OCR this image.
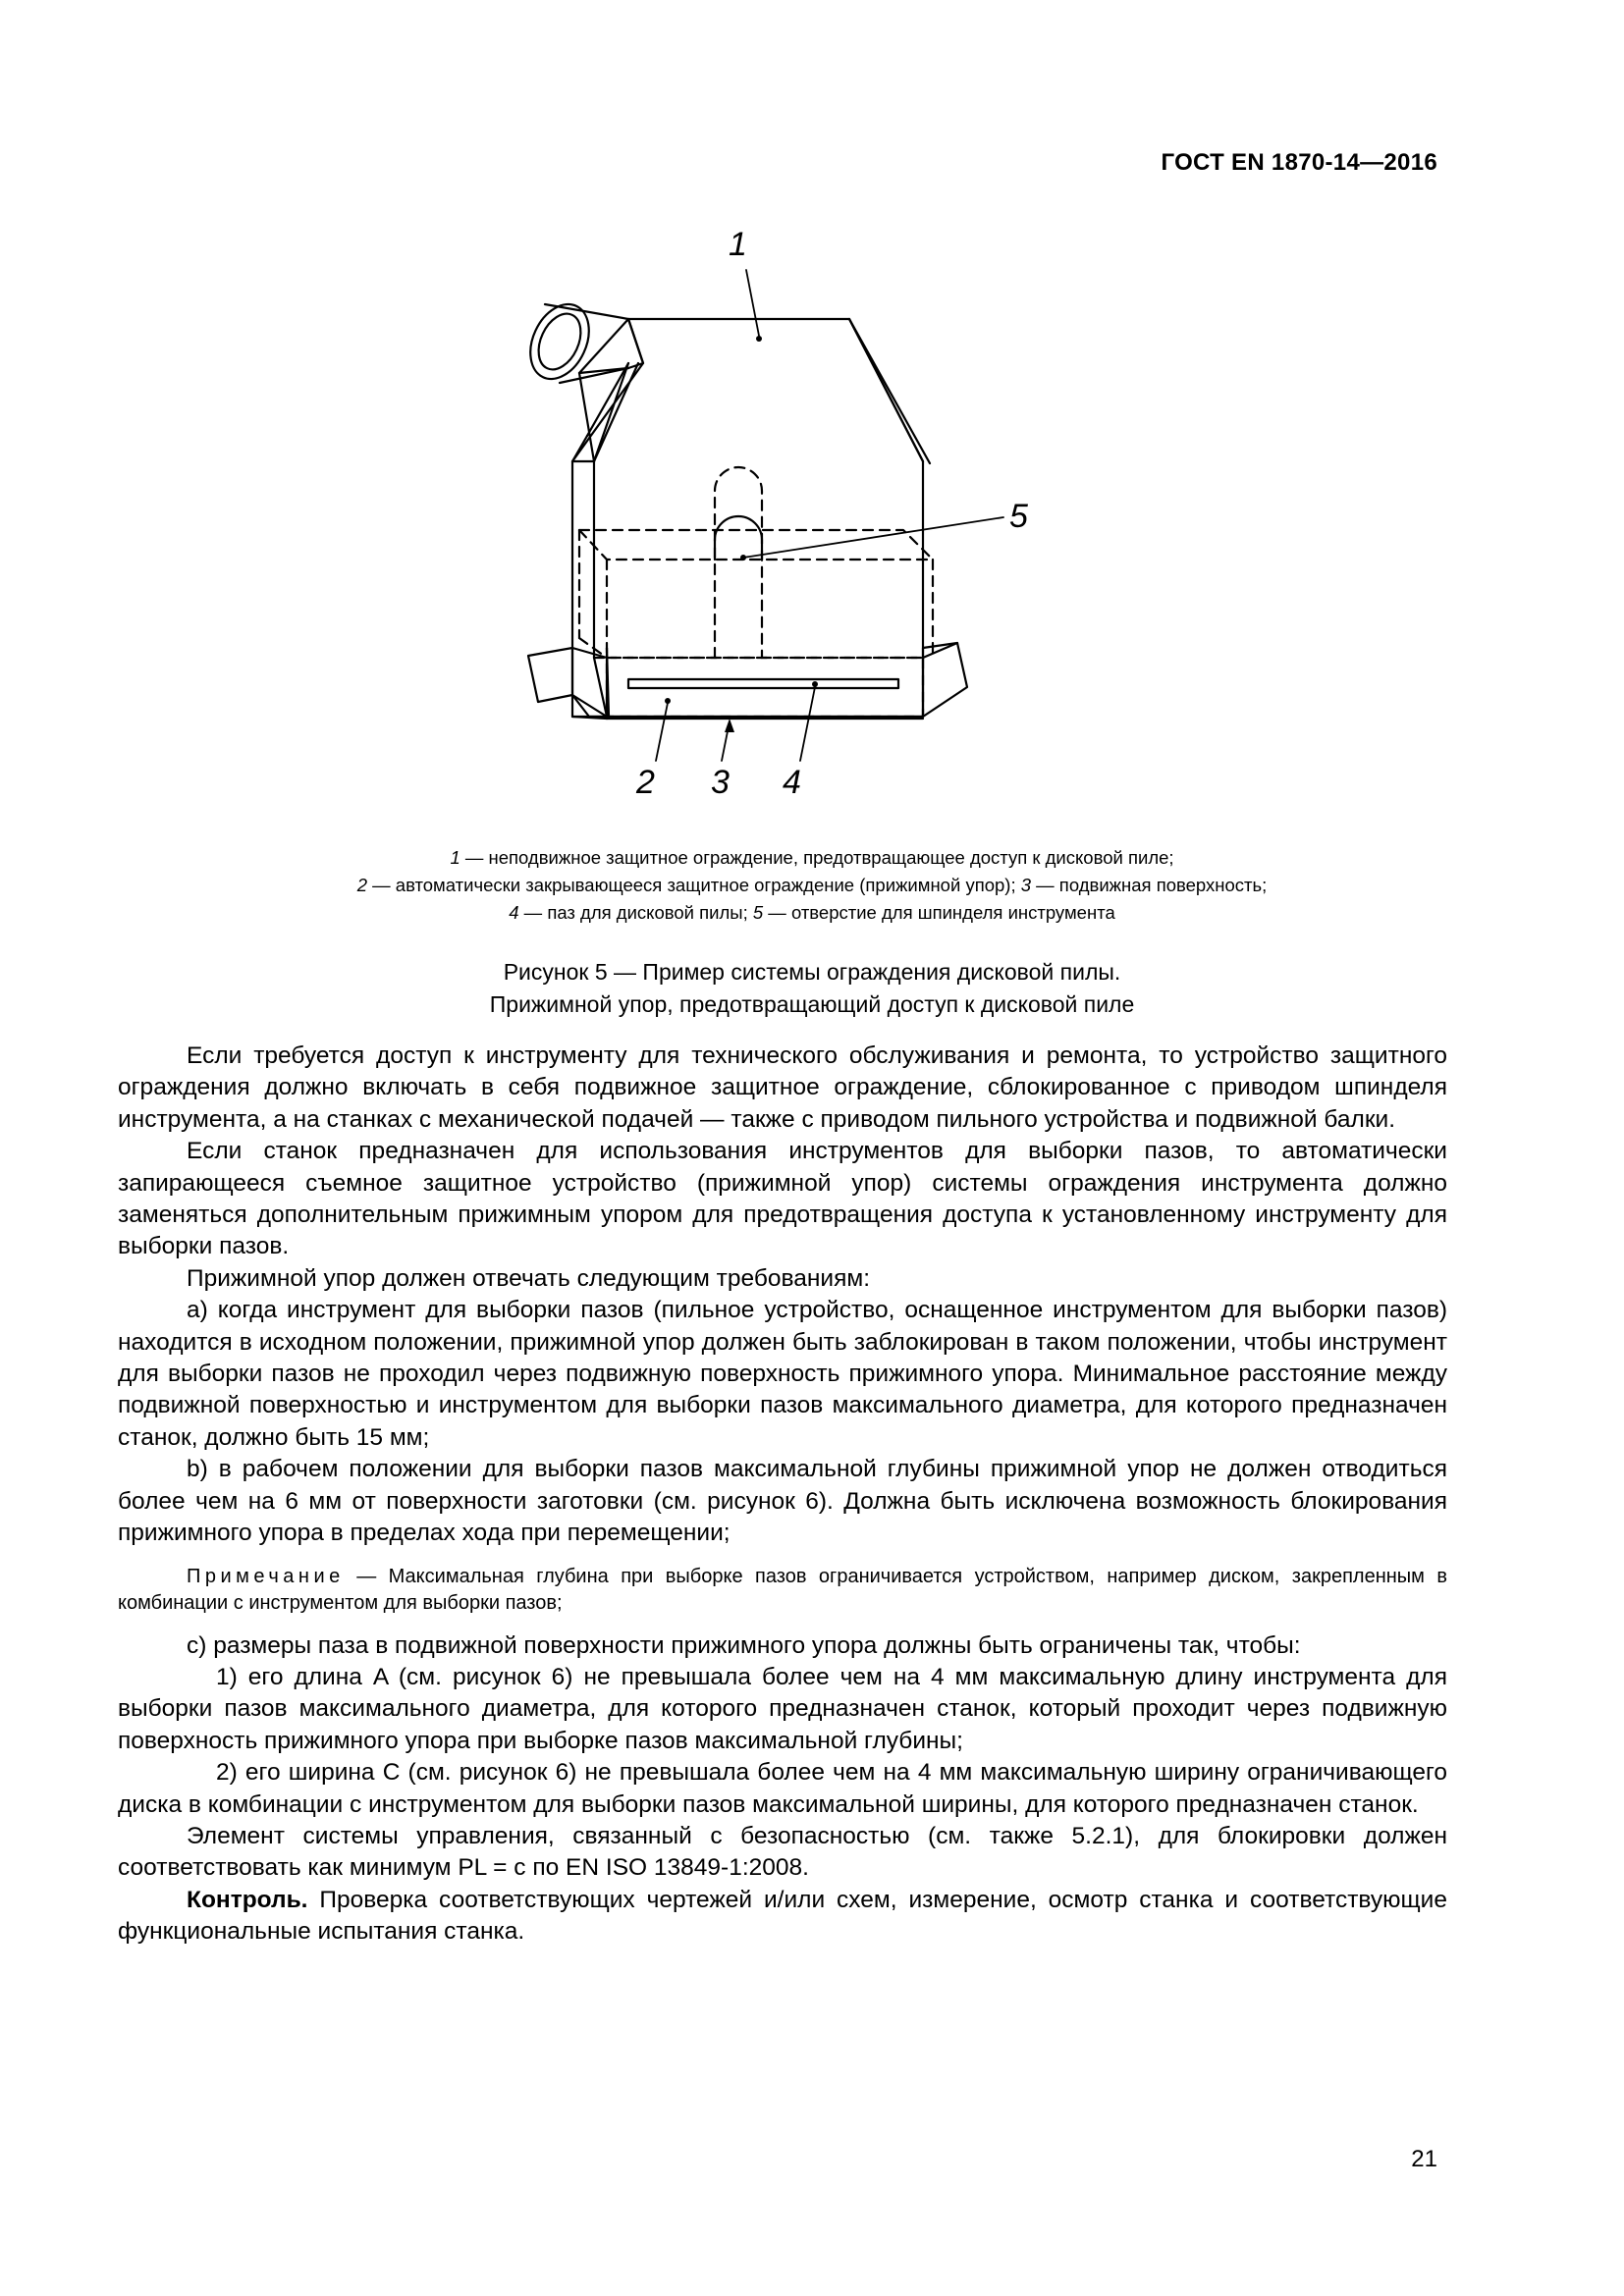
ГОСТ EN 1870-14—2016
1
5
2 3 4
1 — неподвижное защитное ограждение, предотвращающее доступ к дисковой пиле;
2 — автоматически закрывающееся защитное ограждение (прижимной упор); 3 — подвижная поверхность;
4 — паз для дисковой пилы; 5 — отверстие для шпинделя инструмента
Рисунок 5 — Пример системы ограждения дисковой пилы.
Прижимной упор, предотвращающий доступ к дисковой пиле

Если требуется доступ к инструменту для технического обслуживания и ремонта, то устройство защитного ограждения должно включать в себя подвижное защитное ограждение, сблокированное с приводом шпинделя инструмента, а на станках с механической подачей — также с приводом пильного устройства и подвижной балки.

Если станок предназначен для использования инструментов для выборки пазов, то автоматически запирающееся съемное защитное устройство (прижимной упор) системы ограждения инструмента должно заменяться дополнительным прижимным упором для предотвращения доступа к установленному инструменту для выборки пазов.

Прижимной упор должен отвечать следующим требованиям:

a) когда инструмент для выборки пазов (пильное устройство, оснащенное инструментом для выборки пазов) находится в исходном положении, прижимной упор должен быть заблокирован в таком положении, чтобы инструмент для выборки пазов не проходил через подвижную поверхность прижимного упора. Минимальное расстояние между подвижной поверхностью и инструментом для выборки пазов максимального диаметра, для которого предназначен станок, должно быть 15 мм;

b) в рабочем положении для выборки пазов максимальной глубины прижимной упор не должен отводиться более чем на 6 мм от поверхности заготовки (см. рисунок 6). Должна быть исключена возможность блокирования прижимного упора в пределах хода при перемещении;

Примечание — Максимальная глубина при выборке пазов ограничивается устройством, например диском, закрепленным в комбинации с инструментом для выборки пазов;

c) размеры паза в подвижной поверхности прижимного упора должны быть ограничены так, чтобы:

1) его длина A (см. рисунок 6) не превышала более чем на 4 мм максимальную длину инструмента для выборки пазов максимального диаметра, для которого предназначен станок, который проходит через подвижную поверхность прижимного упора при выборке пазов максимальной глубины;

2) его ширина C (см. рисунок 6) не превышала более чем на 4 мм максимальную ширину ограничивающего диска в комбинации с инструментом для выборки пазов максимальной ширины, для которого предназначен станок.

Элемент системы управления, связанный с безопасностью (см. также 5.2.1), для блокировки должен соответствовать как минимум PL = c по EN ISO 13849-1:2008.

Контроль. Проверка соответствующих чертежей и/или схем, измерение, осмотр станка и соответствующие функциональные испытания станка.

21
